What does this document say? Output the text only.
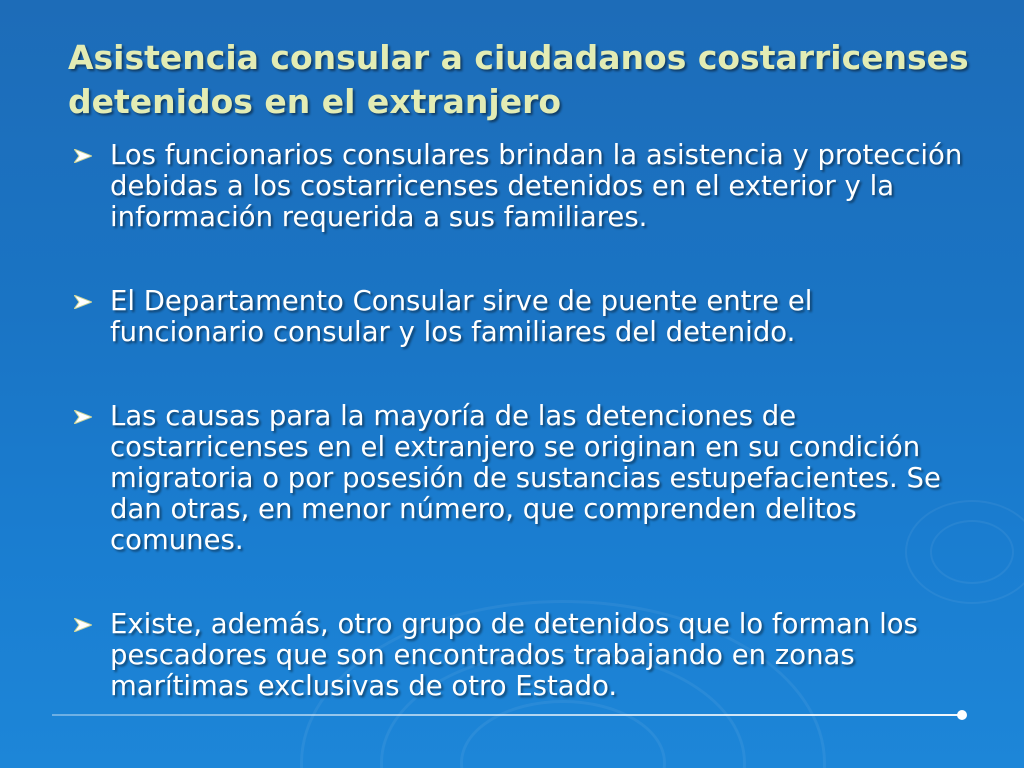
Asistencia consular a ciudadanos costarricenses detenidos en el extranjero
Los funcionarios consulares brindan la asistencia y protección debidas a los costarricenses detenidos en el exterior y la información requerida a sus familiares.
El Departamento Consular sirve de puente entre el funcionario consular y los familiares del detenido.
Las causas para la mayoría de las detenciones de costarricenses en el extranjero se originan en su condición migratoria o por posesión de sustancias estupefacientes. Se dan otras, en menor número, que comprenden delitos comunes.
Existe, además, otro grupo de detenidos que lo forman los pescadores que son encontrados trabajando en zonas marítimas exclusivas de otro Estado.
